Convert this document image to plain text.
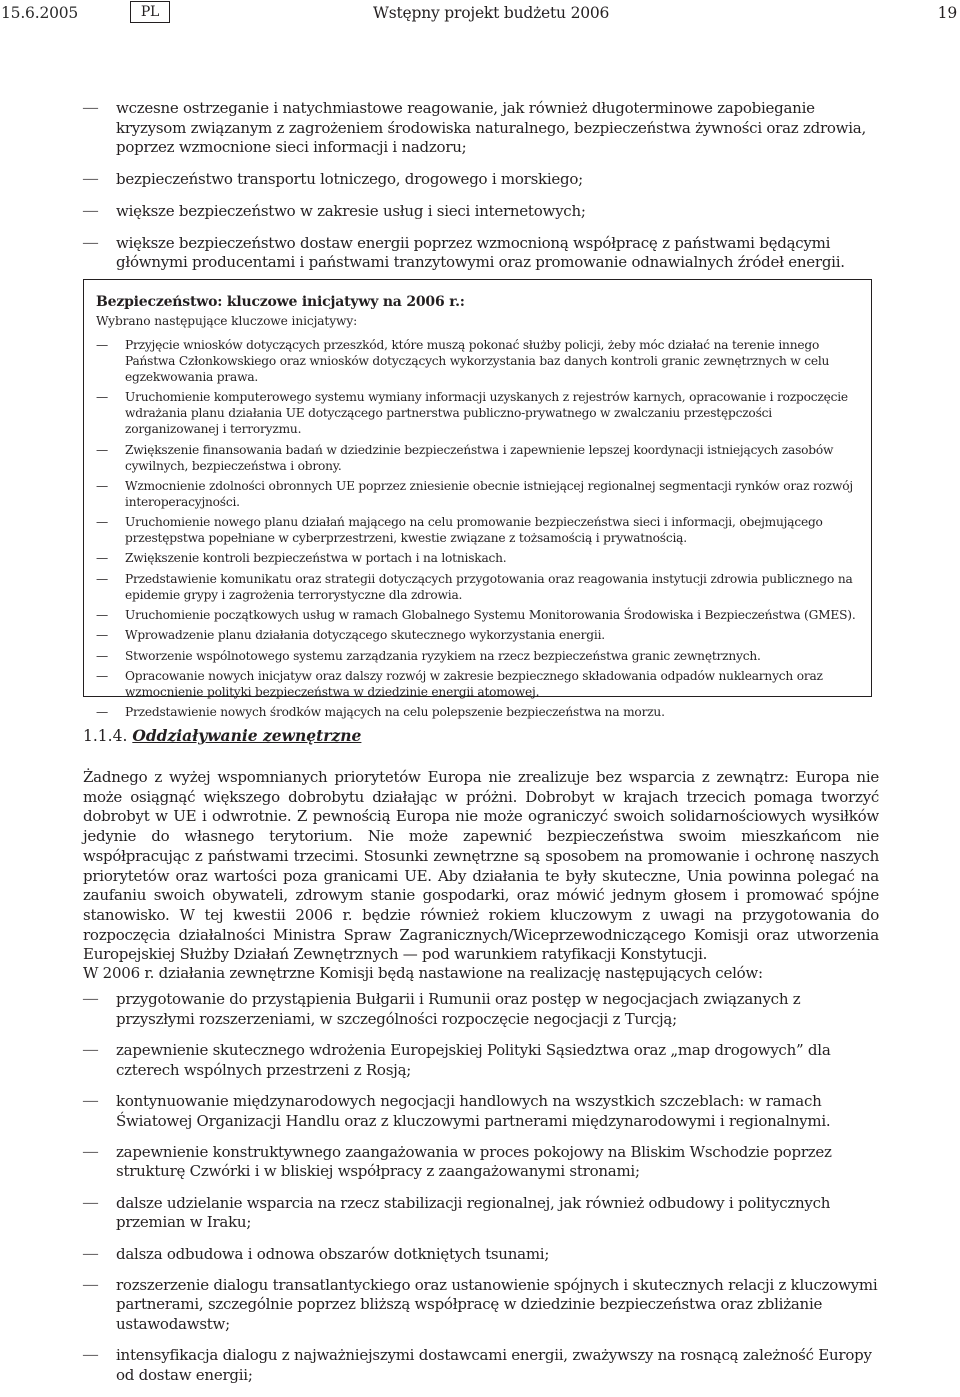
15.6.2005	PL	Wstępny projekt budżetu 2006	19
—	wczesne ostrzeganie i natychmiastowe reagowanie, jak również długoterminowe zapobieganie kryzysom związanym z zagrożeniem środowiska naturalnego, bezpieczeństwa żywności oraz zdrowia, poprzez wzmocnione sieci informacji i nadzoru;
—	bezpieczeństwo transportu lotniczego, drogowego i morskiego;
—	większe bezpieczeństwo w zakresie usług i sieci internetowych;
—	większe bezpieczeństwo dostaw energii poprzez wzmocnioną współpracę z państwami będącymi głównymi producentami i państwami tranzytowymi oraz promowanie odnawialnych źródeł energii.

Bezpieczeństwo: kluczowe inicjatywy na 2006 r.:

Wybrano następujące kluczowe inicjatywy:
— Przyjęcie wniosków dotyczących przeszkód, które muszą pokonać służby policji, żeby móc działać na terenie innego Państwa Członkowskiego oraz wniosków dotyczących wykorzystania baz danych kontroli granic zewnętrznych w celu egzekwowania prawa.
— Uruchomienie komputerowego systemu wymiany informacji uzyskanych z rejestrów karnych, opracowanie i rozpoczęcie wdrażania planu działania UE dotyczącego partnerstwa publiczno-prywatnego w zwalczaniu przestępczości zorganizowanej i terroryzmu.
— Zwiększenie finansowania badań w dziedzinie bezpieczeństwa i zapewnienie lepszej koordynacji istniejących zasobów cywilnych, bezpieczeństwa i obrony.
— Wzmocnienie zdolności obronnych UE poprzez zniesienie obecnie istniejącej regionalnej segmentacji rynków oraz rozwój interoperacyjności.
— Uruchomienie nowego planu działań mającego na celu promowanie bezpieczeństwa sieci i informacji, obejmującego przestępstwa popełniane w cyberprzestrzeni, kwestie związane z tożsamością i prywatnością.
— Zwiększenie kontroli bezpieczeństwa w portach i na lotniskach.
— Przedstawienie komunikatu oraz strategii dotyczących przygotowania oraz reagowania instytucji zdrowia publicznego na epidemie grypy i zagrożenia terrorystyczne dla zdrowia.
— Uruchomienie początkowych usług w ramach Globalnego Systemu Monitorowania Środowiska i Bezpieczeństwa (GMES).
— Wprowadzenie planu działania dotyczącego skutecznego wykorzystania energii.
— Stworzenie wspólnotowego systemu zarządzania ryzykiem na rzecz bezpieczeństwa granic zewnętrznych.
— Opracowanie nowych inicjatyw oraz dalszy rozwój w zakresie bezpiecznego składowania odpadów nuklearnych oraz wzmocnienie polityki bezpieczeństwa w dziedzinie energii atomowej.
— Przedstawienie nowych środków mających na celu polepszenie bezpieczeństwa na morzu.
1.1.4. Oddziaływanie zewnętrzne
Żadnego z wyżej wspomnianych priorytetów Europa nie zrealizuje bez wsparcia z zewnątrz: Europa nie może osiągnąć większego dobrobytu działając w próżni. Dobrobyt w krajach trzecich pomaga tworzyć dobrobyt w UE i odwrotnie. Z pewnością Europa nie może ograniczyć swoich solidarnościowych wysiłków jedynie do własnego terytorium. Nie może zapewnić bezpieczeństwa swoim mieszkańcom nie współpracując z państwami trzecimi. Stosunki zewnętrzne są sposobem na promowanie i ochronę naszych priorytetów oraz wartości poza granicami UE. Aby działania te były skuteczne, Unia powinna polegać na zaufaniu swoich obywateli, zdrowym stanie gospodarki, oraz mówić jednym głosem i promować spójne stanowisko. W tej kwestii 2006 r. będzie również rokiem kluczowym z uwagi na przygotowania do rozpoczęcia działalności Ministra Spraw Zagranicznych/Wiceprzewodniczącego Komisji oraz utworzenia Europejskiej Służby Działań Zewnętrznych — pod warunkiem ratyfikacji Konstytucji.
W 2006 r. działania zewnętrzne Komisji będą nastawione na realizację następujących celów:
—	przygotowanie do przystąpienia Bułgarii i Rumunii oraz postęp w negocjacjach związanych z przyszłymi rozszerzeniami, w szczególności rozpoczęcie negocjacji z Turcją;
—	zapewnienie skutecznego wdrożenia Europejskiej Polityki Sąsiedztwa oraz „map drogowych” dla czterech wspólnych przestrzeni z Rosją;
—	kontynuowanie międzynarodowych negocjacji handlowych na wszystkich szczeblach: w ramach Światowej Organizacji Handlu oraz z kluczowymi partnerami międzynarodowymi i regionalnymi.
—	zapewnienie konstruktywnego zaangażowania w proces pokojowy na Bliskim Wschodzie poprzez strukturę Czwórki i w bliskiej współpracy z zaangażowanymi stronami;
—	dalsze udzielanie wsparcia na rzecz stabilizacji regionalnej, jak również odbudowy i politycznych przemian w Iraku;
—	dalsza odbudowa i odnowa obszarów dotkniętych tsunami;
—	rozszerzenie dialogu transatlantyckiego oraz ustanowienie spójnych i skutecznych relacji z kluczowymi partnerami, szczególnie poprzez bliższą współpracę w dziedzinie bezpieczeństwa oraz zbliżanie ustawodawstw;
—	intensyfikacja dialogu z najważniejszymi dostawcami energii, zważywszy na rosnącą zależność Europy od dostaw energii;
